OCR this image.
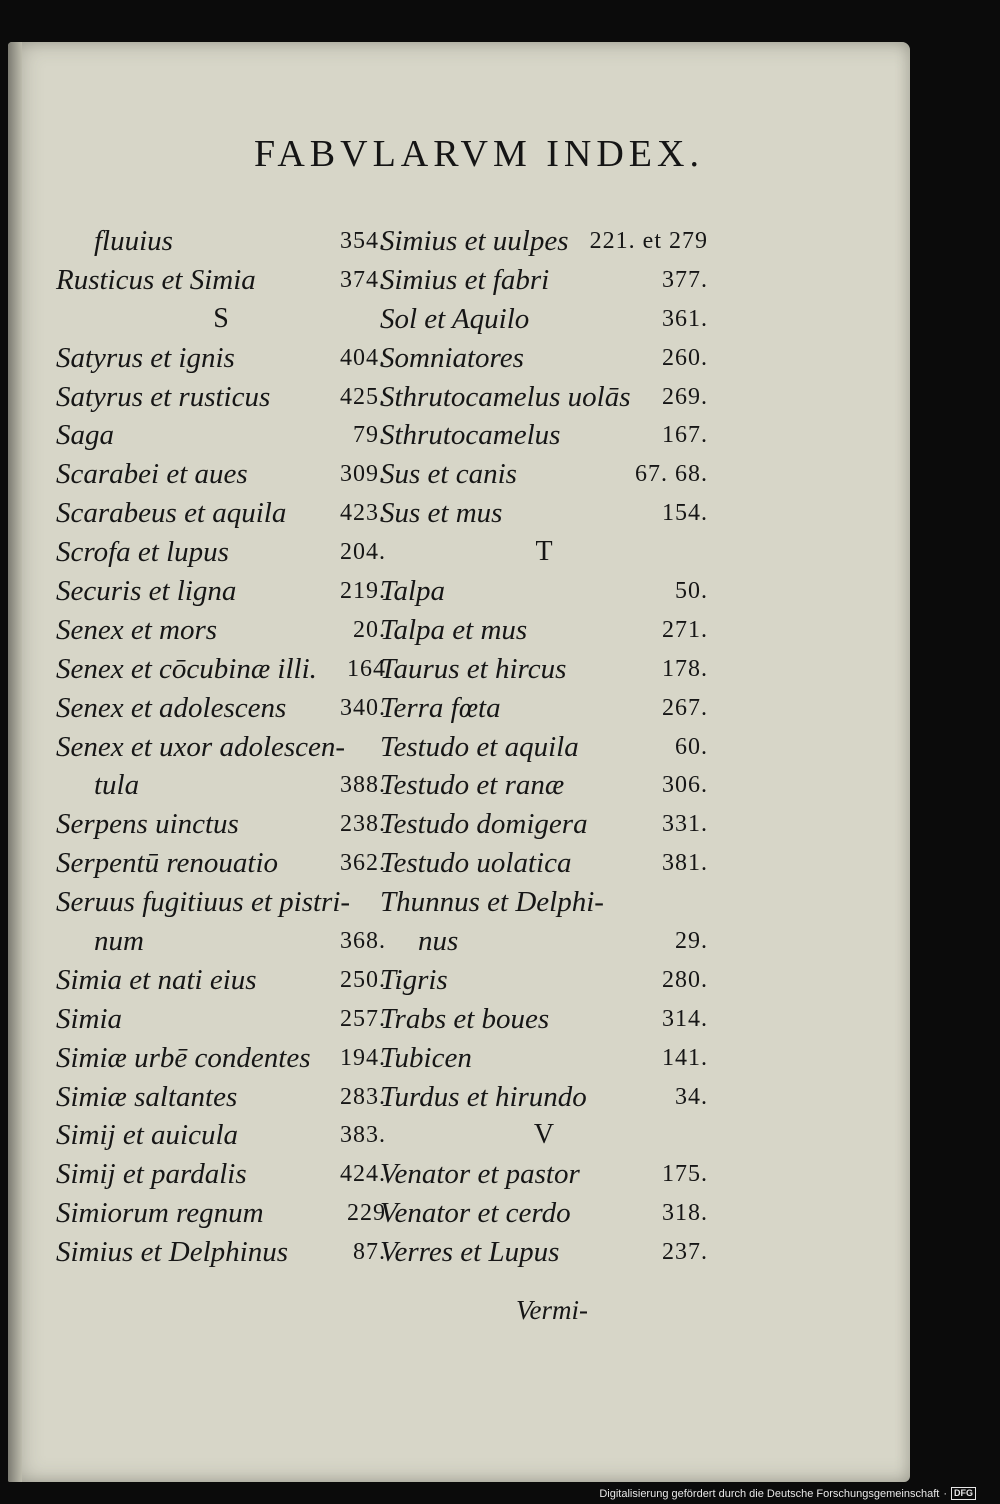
FABVLARVM INDEX.
fluuius	354.
Rusticus et Simia	374.
S
Satyrus et ignis	404.
Satyrus et rusticus	425.
Saga	79.
Scarabei et aues	309.
Scarabeus et aquila 423.
Scrofa et lupus	204.
Securis et ligna	219.
Senex et mors	20.
Senex et cōcubinæ illi. 164
Senex et adolescens 340.
Senex et uxor adolescen-
tula	388.
Serpens uinctus	238.
Serpentū renouatio	362.
Seruus fugitiuus et pistri-
num	368.
Simia et nati eius	250.
Simia	257.
Simiæ urbē condentes 194.
Simiæ saltantes	283.
Simij et auicula	383.
Simij et pardalis	424.
Simiorum regnum	229
Simius et Delphinus	87.
Simius et uulpes 221. et 279
Simius et fabri	377.
Sol et Aquilo	361.
Somniatores	260.
Sthrutocamelus uolās 269.
Sthrutocamelus	167.
Sus et canis	67. 68.
Sus et mus	154.
T
Talpa	50.
Talpa et mus	271.
Taurus et hircus	178.
Terra fœta	267.
Testudo et aquila	60.
Testudo et ranæ	306.
Testudo domigera	331.
Testudo uolatica	381.
Thunnus et Delphi-
nus	29.
Tigris	280.
Trabs et boues	314.
Tubicen	141.
Turdus et hirundo	34.
V
Venator et pastor	175.
Venator et cerdo	318.
Verres et Lupus	237.
Vermi-
Digitalisierung gefördert durch die Deutsche Forschungsgemeinschaft · DFG
